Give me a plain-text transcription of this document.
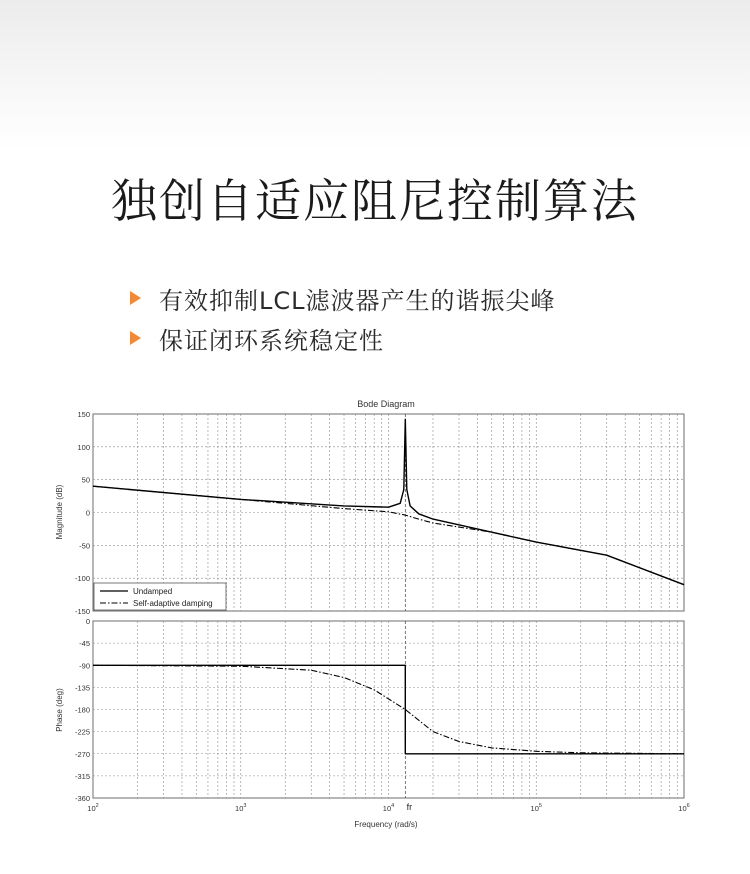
独创自适应阻尼控制算法
有效抑制LCL滤波器产生的谐振尖峰
保证闭环系统稳定性
Bode Diagram
150
100
50
0
-50
-100
-150
Magnitude (dB)
Undamped
Self-adaptive damping
0
-45
-90
-135
-180
-225
-270
-315
-360
Phase (deg)
$10^2$	$10^3$	$10^4$	$10^5$	$10^6$
fr
Frequency (rad/s)
